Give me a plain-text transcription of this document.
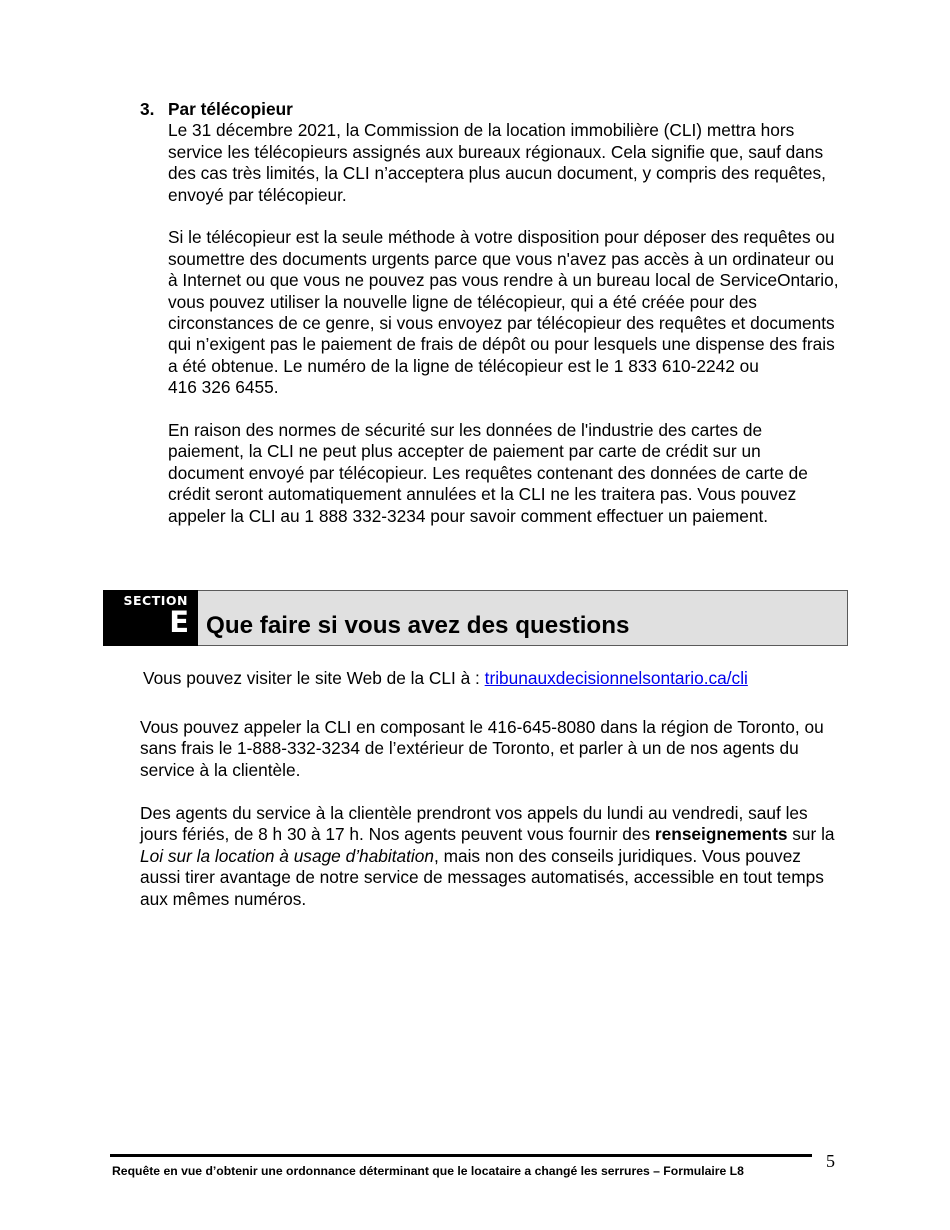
3. Par télécopieur

Le 31 décembre 2021, la Commission de la location immobilière (CLI) mettra hors service les télécopieurs assignés aux bureaux régionaux. Cela signifie que, sauf dans des cas très limités, la CLI n’acceptera plus aucun document, y compris des requêtes, envoyé par télécopieur.

Si le télécopieur est la seule méthode à votre disposition pour déposer des requêtes ou soumettre des documents urgents parce que vous n'avez pas accès à un ordinateur ou à Internet ou que vous ne pouvez pas vous rendre à un bureau local de ServiceOntario, vous pouvez utiliser la nouvelle ligne de télécopieur, qui a été créée pour des circonstances de ce genre, si vous envoyez par télécopieur des requêtes et documents qui n’exigent pas le paiement de frais de dépôt ou pour lesquels une dispense des frais a été obtenue. Le numéro de la ligne de télécopieur est le 1 833 610-2242 ou
416 326 6455.

En raison des normes de sécurité sur les données de l'industrie des cartes de paiement, la CLI ne peut plus accepter de paiement par carte de crédit sur un document envoyé par télécopieur. Les requêtes contenant des données de carte de crédit seront automatiquement annulées et la CLI ne les traitera pas. Vous pouvez appeler la CLI au 1 888 332-3234 pour savoir comment effectuer un paiement.

SECTION
E Que faire si vous avez des questions
Vous pouvez visiter le site Web de la CLI à : tribunauxdecisionnelsontario.ca/cli

Vous pouvez appeler la CLI en composant le 416-645-8080 dans la région de Toronto, ou sans frais le 1-888-332-3234 de l’extérieur de Toronto, et parler à un de nos agents du service à la clientèle.

Des agents du service à la clientèle prendront vos appels du lundi au vendredi, sauf les jours fériés, de 8 h 30 à 17 h. Nos agents peuvent vous fournir des renseignements sur la Loi sur la location à usage d’habitation, mais non des conseils juridiques. Vous pouvez aussi tirer avantage de notre service de messages automatisés, accessible en tout temps aux mêmes numéros.

5
Requête en vue d’obtenir une ordonnance déterminant que le locataire a changé les serrures – Formulaire L8
